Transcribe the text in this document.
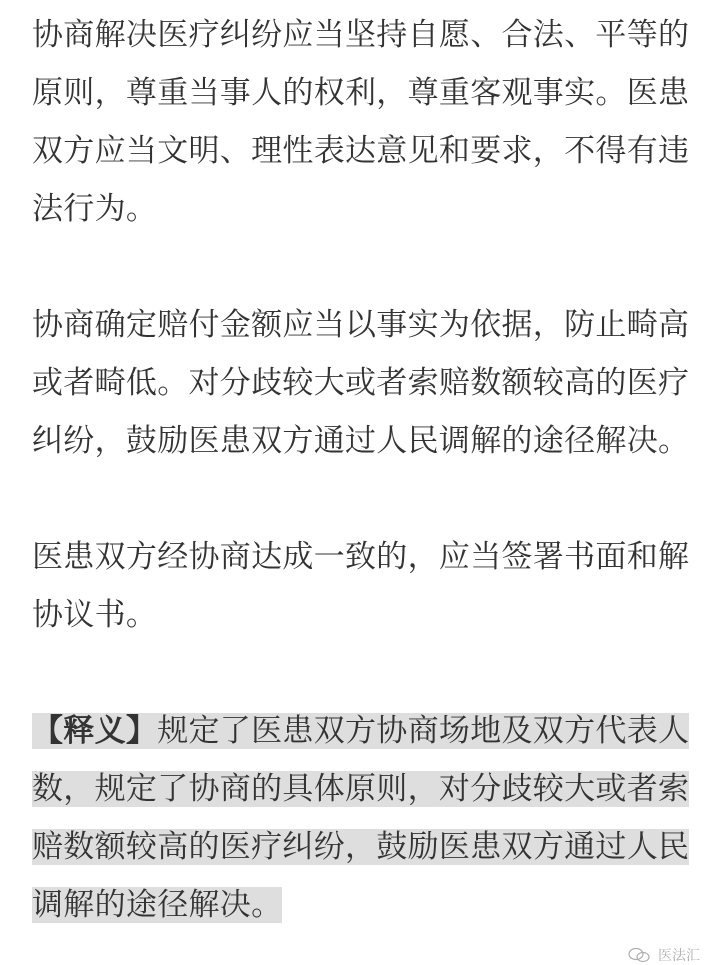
协商解决医疗纠纷应当坚持自愿、合法、平等的原则，尊重当事人的权利，尊重客观事实。医患双方应当文明、理性表达意见和要求，不得有违法行为。

协商确定赔付金额应当以事实为依据，防止畸高或者畸低。对分歧较大或者索赔数额较高的医疗纠纷，鼓励医患双方通过人民调解的途径解决。

医患双方经协商达成一致的，应当签署书面和解协议书。

【释义】规定了医患双方协商场地及双方代表人数，规定了协商的具体原则，对分歧较大或者索赔数额较高的医疗纠纷，鼓励医患双方通过人民调解的途径解决。

医法汇
